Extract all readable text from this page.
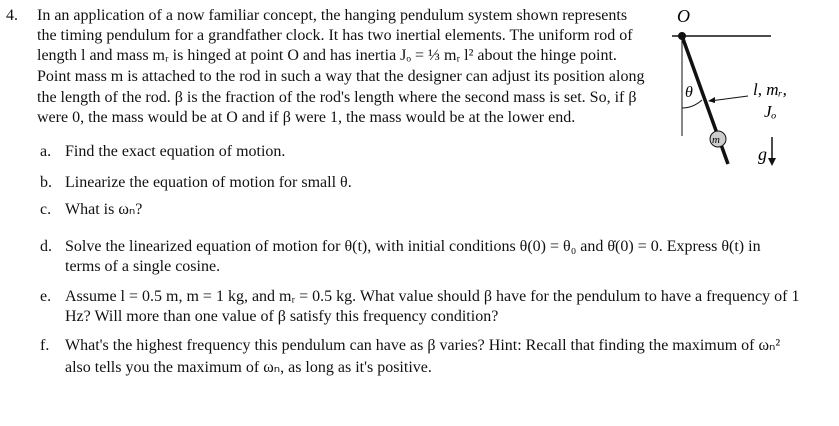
4. In an application of a now familiar concept, the hanging pendulum system shown represents
the timing pendulum for a grandfather clock. It has two inertial elements. The uniform rod of
length l and mass mᵣ is hinged at point O and has inertia Jₒ = ⅓ mᵣ l² about the hinge point.
Point mass m is attached to the rod in such a way that the designer can adjust its position along
the length of the rod. β is the fraction of the rod's length where the second mass is set. So, if β
were 0, the mass would be at O and if β were 1, the mass would be at the lower end.
a. Find the exact equation of motion.
b. Linearize the equation of motion for small θ.
c. What is ωₙ?
d. Solve the linearized equation of motion for θ(t), with initial conditions θ(0) = θ₀ and θ̇(0) = 0. Express θ(t) in
terms of a single cosine.
e. Assume l = 0.5 m, m = 1 kg, and mᵣ = 0.5 kg. What value should β have for the pendulum to have a frequency of 1
Hz? Will more than one value of β satisfy this frequency condition?
f. What's the highest frequency this pendulum can have as β varies? Hint: Recall that finding the maximum of ωₙ²
also tells you the maximum of ωₙ, as long as it's positive.
O
θ	l, mᵣ,
Jₒ
m
g
